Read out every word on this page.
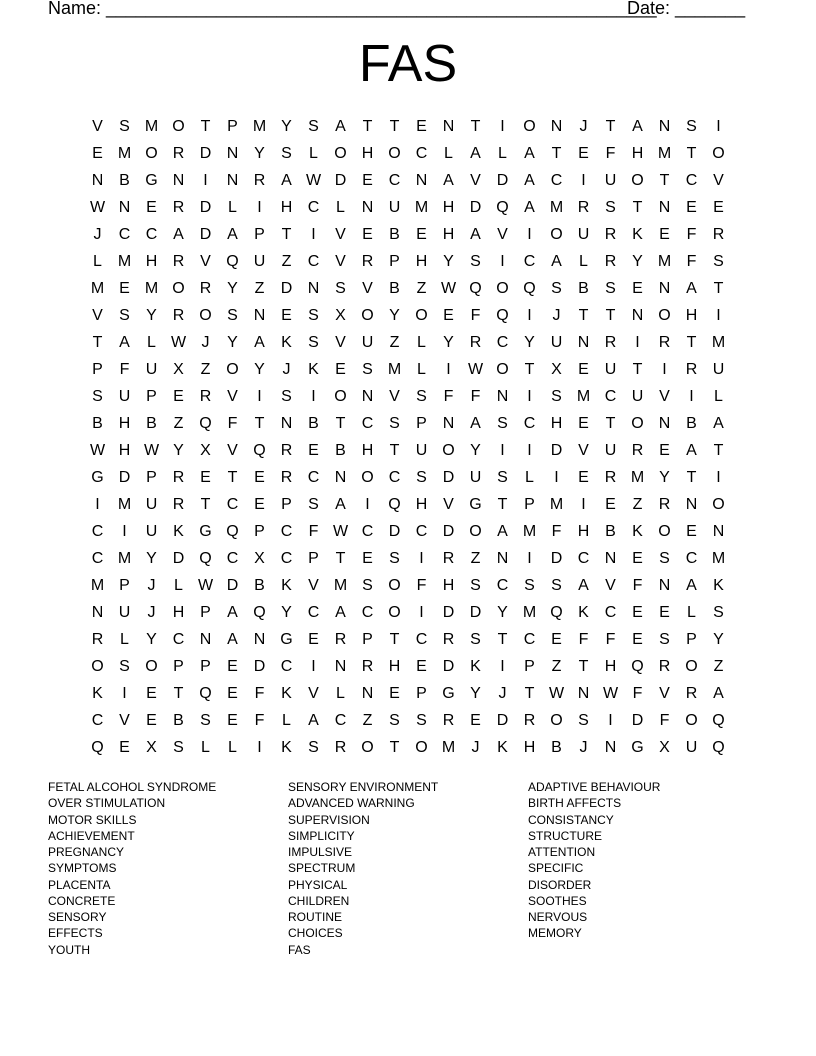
Name: _______________________________________________________
Date: _______
FAS
V	S M O T	P M Y	S	A	T	T	E N	T	I	O N	J	T	A N S	I
E M O R D N Y	S	L	O H O C	L	A	L	A	T	E	F	H M T O
N B G N	I	N R A W D E C N A	V D A C	I	U O T	C V
W N E R D	L	I	H C	L	N U M H D Q A M R S	T	N E	E
J	C C A D A	P	T	I	V	E	B	E H A	V	I	O U R K	E	F	R
L M H R V Q U	Z	C V R P H Y	S	I	C A	L	R Y M F	S
M E M O R Y	Z	D N S	V	B	Z W Q O Q S	B	S	E N A	T
V	S	Y R O S N E	S	X O Y O E	F Q	I	J	T	T	N O H	I
T	A	L W J	Y	A	K	S	V U	Z	L	Y R C Y U N R	I	R	T M
P	F	U X	Z O Y	J	K	E	S M L	I	W O T	X	E U	T	I	R U
S U P	E R V	I	S	I	O N V	S	F	F	N	I	S M C U V	I	L
B H B	Z Q F	T	N B	T	C S	P N A	S C H E	T O N B	A
W H W Y	X	V Q R E	B H	T	U O Y	I	I	D V U R E	A	T
G D P R E	T	E R C N O C S D U S	L	I	E R M Y	T	I
I	M U R	T	C E	P	S	A	I	Q H V G T	P M	I	E	Z	R N O
C	I	U K G Q P C	F W C D C D O A M F	H B	K O E N
C M Y D Q C X C P	T	E	S	I	R	Z	N	I	D C N E	S C M
M P	J	L W D B	K	V M S O F	H S C S	S	A	V	F	N A	K
N U	J	H P	A Q Y C A C O	I	D D Y M Q K C E	E	L	S
R	L	Y C N A N G E R P	T	C R S	T	C E	F	F	E	S	P	Y
O S O P	P	E D C	I	N R H E D K	I	P	Z	T	H Q R O Z
K	I	E	T Q E	F	K	V	L	N E	P G Y	J	T W N W F	V R A
C V	E	B	S	E	F	L	A C	Z	S	S R E D R O S	I	D	F O Q
Q E	X	S	L	L	I	K	S R O T O M	J	K H B	J	N G X U Q
FETAL ALCOHOL SYNDROME
OVER STIMULATION
MOTOR SKILLS
ACHIEVEMENT
PREGNANCY
SYMPTOMS
PLACENTA
CONCRETE
SENSORY
EFFECTS
YOUTH
SENSORY ENVIRONMENT
ADVANCED WARNING
SUPERVISION
SIMPLICITY
IMPULSIVE
SPECTRUM
PHYSICAL
CHILDREN
ROUTINE
CHOICES
FAS
ADAPTIVE BEHAVIOUR
BIRTH AFFECTS
CONSISTANCY
STRUCTURE
ATTENTION
SPECIFIC
DISORDER
SOOTHES
NERVOUS
MEMORY
